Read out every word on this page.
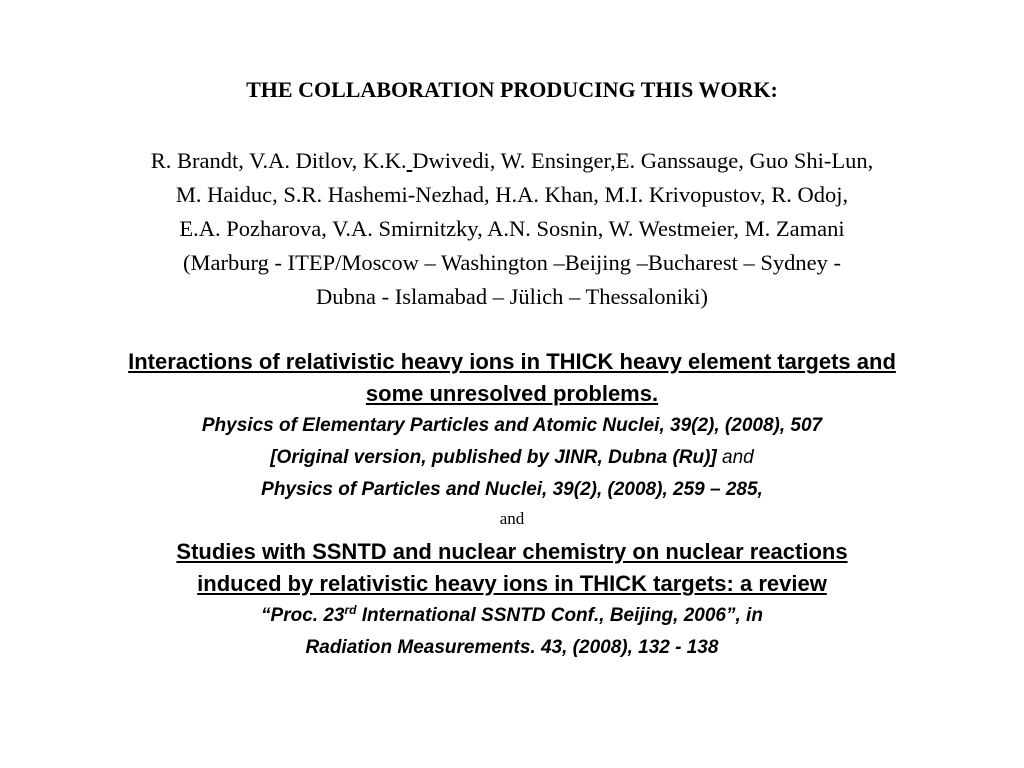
THE COLLABORATION PRODUCING THIS WORK:
R. Brandt, V.A. Ditlov, K.K. Dwivedi, W. Ensinger,E. Ganssauge, Guo Shi-Lun,
M. Haiduc, S.R. Hashemi-Nezhad, H.A. Khan, M.I. Krivopustov, R. Odoj,
E.A. Pozharova, V.A. Smirnitzky, A.N. Sosnin, W. Westmeier, M. Zamani
(Marburg - ITEP/Moscow – Washington –Beijing –Bucharest – Sydney -
Dubna - Islamabad – Jülich – Thessaloniki)
Interactions of relativistic heavy ions in THICK heavy element targets and
some unresolved problems.
Physics of Elementary Particles and Atomic Nuclei, 39(2), (2008), 507
[Original version, published by JINR, Dubna (Ru)] and
Physics of Particles and Nuclei, 39(2), (2008), 259 – 285,
and
Studies with SSNTD and nuclear chemistry on nuclear reactions
induced by relativistic heavy ions in THICK targets: a review
“Proc. 23rd International SSNTD Conf., Beijing, 2006”, in
Radiation Measurements. 43, (2008), 132 - 138
